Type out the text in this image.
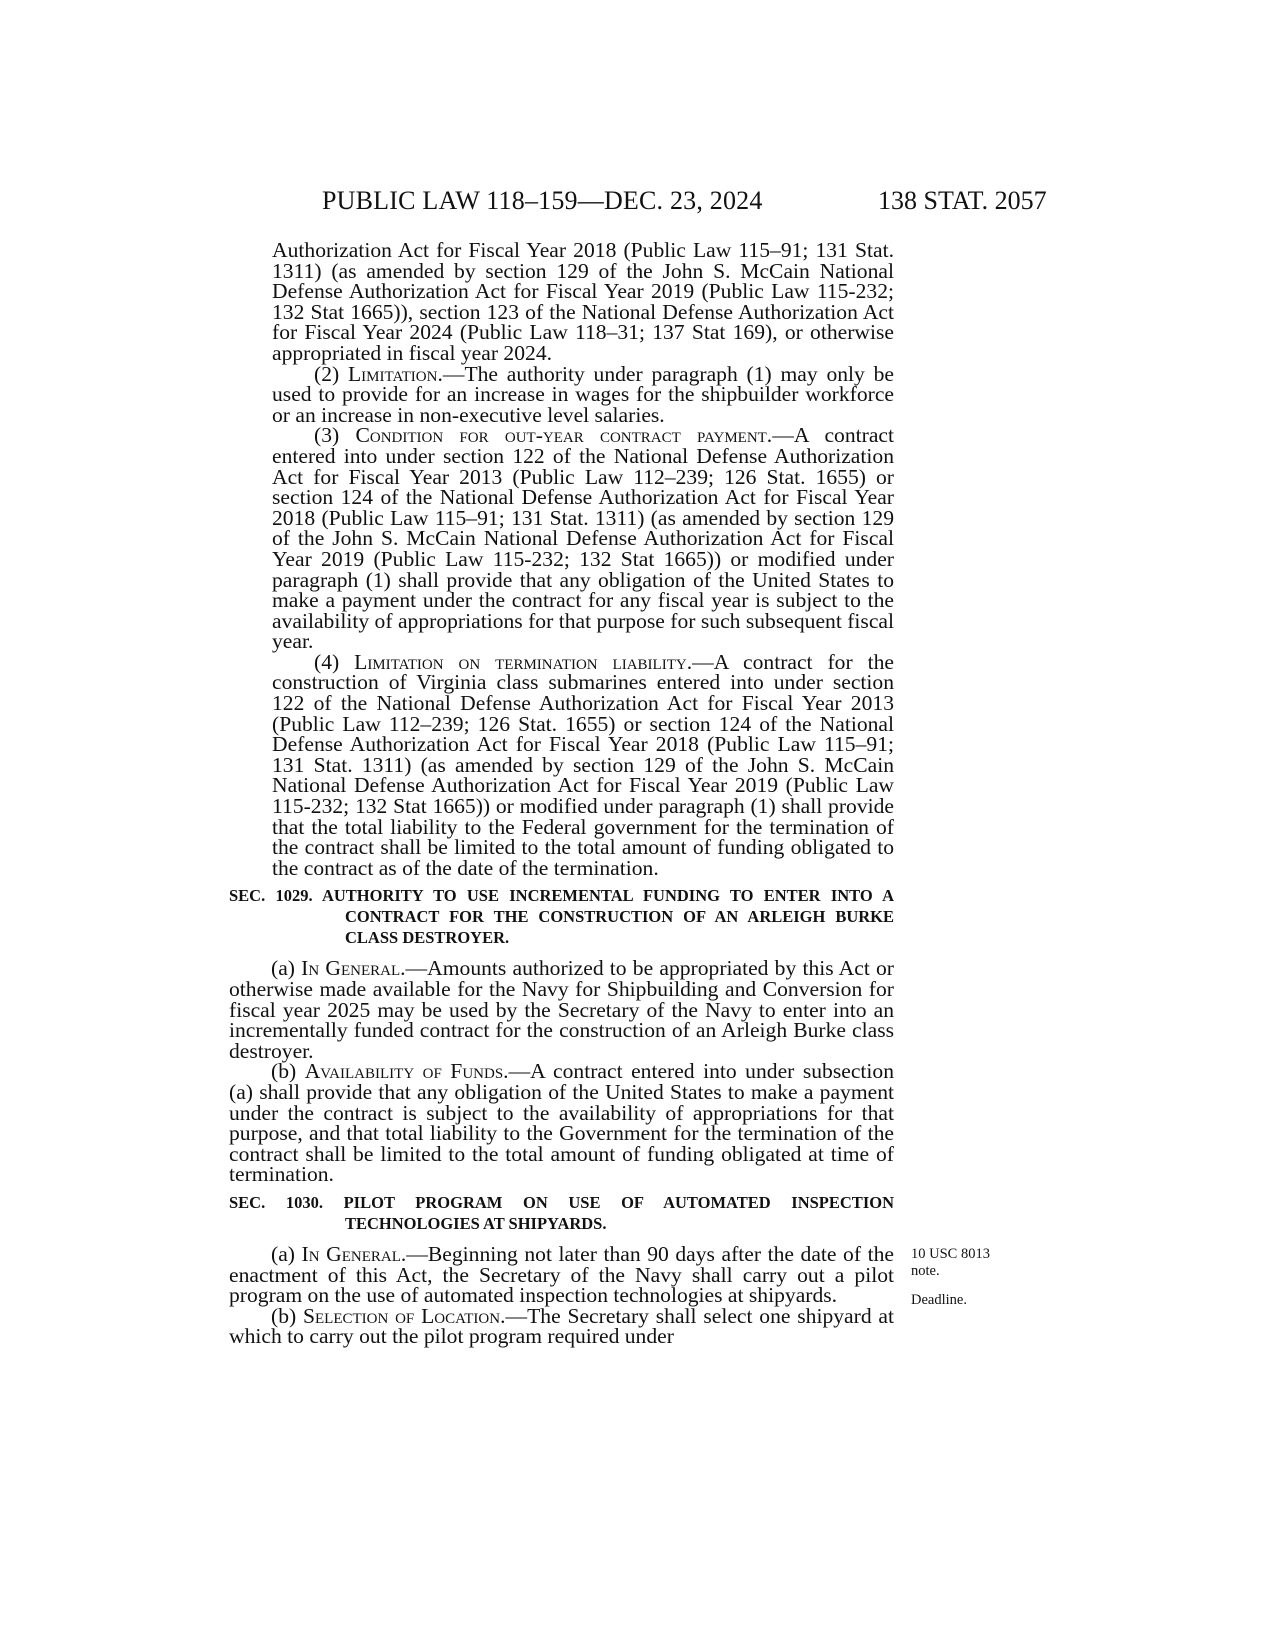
PUBLIC LAW 118–159—DEC. 23, 2024	138 STAT. 2057

Authorization Act for Fiscal Year 2018 (Public Law 115–91; 131 Stat. 1311) (as amended by section 129 of the John S. McCain National Defense Authorization Act for Fiscal Year 2019 (Public Law 115-232; 132 Stat 1665)), section 123 of the National Defense Authorization Act for Fiscal Year 2024 (Public Law 118–31; 137 Stat 169), or otherwise appropriated in fiscal year 2024.

(2) Limitation.—The authority under paragraph (1) may only be used to provide for an increase in wages for the shipbuilder workforce or an increase in non-executive level salaries.

(3) Condition for out-year contract payment.—A contract entered into under section 122 of the National Defense Authorization Act for Fiscal Year 2013 (Public Law 112–239; 126 Stat. 1655) or section 124 of the National Defense Authorization Act for Fiscal Year 2018 (Public Law 115–91; 131 Stat. 1311) (as amended by section 129 of the John S. McCain National Defense Authorization Act for Fiscal Year 2019 (Public Law 115-232; 132 Stat 1665)) or modified under paragraph (1) shall provide that any obligation of the United States to make a payment under the contract for any fiscal year is subject to the availability of appropriations for that purpose for such subsequent fiscal year.

(4) Limitation on termination liability.—A contract for the construction of Virginia class submarines entered into under section 122 of the National Defense Authorization Act for Fiscal Year 2013 (Public Law 112–239; 126 Stat. 1655) or section 124 of the National Defense Authorization Act for Fiscal Year 2018 (Public Law 115–91; 131 Stat. 1311) (as amended by section 129 of the John S. McCain National Defense Authorization Act for Fiscal Year 2019 (Public Law 115-232; 132 Stat 1665)) or modified under paragraph (1) shall provide that the total liability to the Federal government for the termination of the contract shall be limited to the total amount of funding obligated to the contract as of the date of the termination.

SEC. 1029. AUTHORITY TO USE INCREMENTAL FUNDING TO ENTER INTO A CONTRACT FOR THE CONSTRUCTION OF AN ARLEIGH BURKE CLASS DESTROYER.

(a) In General.—Amounts authorized to be appropriated by this Act or otherwise made available for the Navy for Shipbuilding and Conversion for fiscal year 2025 may be used by the Secretary of the Navy to enter into an incrementally funded contract for the construction of an Arleigh Burke class destroyer.

(b) Availability of Funds.—A contract entered into under subsection (a) shall provide that any obligation of the United States to make a payment under the contract is subject to the availability of appropriations for that purpose, and that total liability to the Government for the termination of the contract shall be limited to the total amount of funding obligated at time of termination.

SEC. 1030. PILOT PROGRAM ON USE OF AUTOMATED INSPECTION TECHNOLOGIES AT SHIPYARDS.

(a) In General.—Beginning not later than 90 days after the date of the enactment of this Act, the Secretary of the Navy shall carry out a pilot program on the use of automated inspection technologies at shipyards.

(b) Selection of Location.—The Secretary shall select one shipyard at which to carry out the pilot program required under

10 USC 8013
note.
Deadline.
